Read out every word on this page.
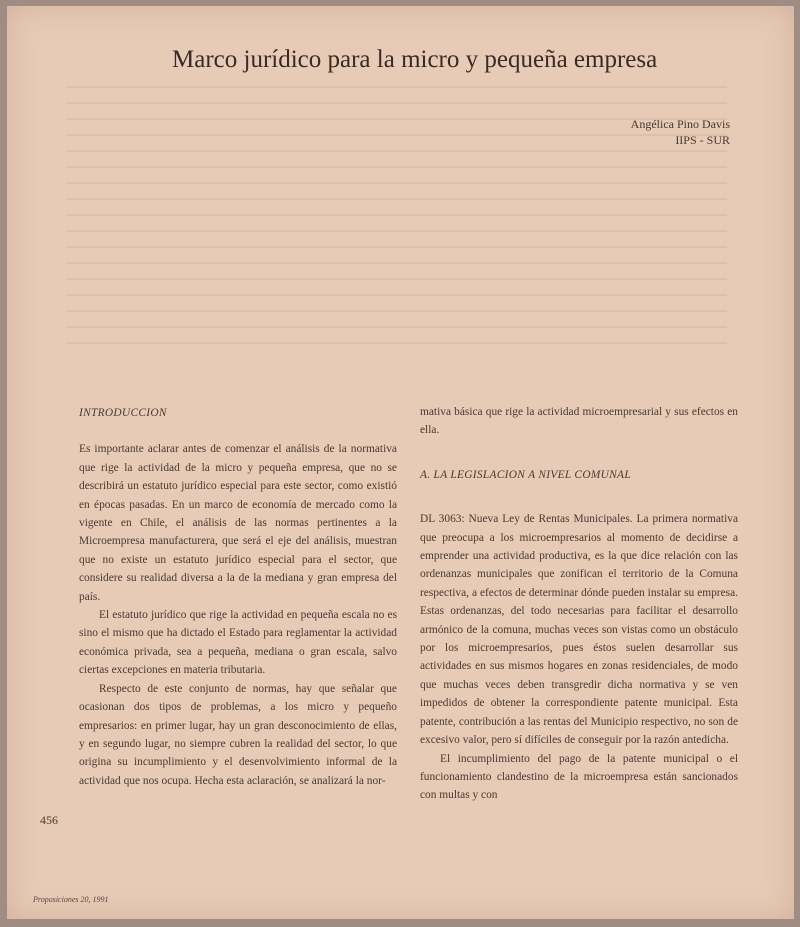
Marco jurídico para la micro y pequeña empresa
Angélica Pino Davis
IIPS - SUR

INTRODUCCION

Es importante aclarar antes de comenzar el análisis de la normativa que rige la actividad de la micro y pequeña empresa, que no se describirá un estatuto jurídico especial para este sector, como existió en épocas pasadas. En un marco de economía de mercado como la vigente en Chile, el análisis de las normas pertinentes a la Microempresa manufacturera, que será el eje del análisis, muestran que no existe un estatuto jurídico especial para el sector, que considere su realidad diversa a la de la mediana y gran empresa del país.

El estatuto jurídico que rige la actividad en pequeña escala no es sino el mismo que ha dictado el Estado para reglamentar la actividad económica privada, sea a pequeña, mediana o gran escala, salvo ciertas excepciones en materia tributaria.

Respecto de este conjunto de normas, hay que señalar que ocasionan dos tipos de problemas, a los micro y pequeño empresarios: en primer lugar, hay un gran desconocimiento de ellas, y en segundo lugar, no siempre cubren la realidad del sector, lo que origina su incumplimiento y el desenvolvimiento informal de la actividad que nos ocupa. Hecha esta aclaración, se analizará la nor-

mativa básica que rige la actividad microempresarial y sus efectos en ella.

A. LA LEGISLACION A NIVEL COMUNAL

DL 3063: Nueva Ley de Rentas Municipales. La primera normativa que preocupa a los microempresarios al momento de decidirse a emprender una actividad productiva, es la que dice relación con las ordenanzas municipales que zonifican el territorio de la Comuna respectiva, a efectos de determinar dónde pueden instalar su empresa. Estas ordenanzas, del todo necesarias para facilitar el desarrollo armónico de la comuna, muchas veces son vistas como un obstáculo por los microempresarios, pues éstos suelen desarrollar sus actividades en sus mismos hogares en zonas residenciales, de modo que muchas veces deben transgredir dicha normativa y se ven impedidos de obtener la correspondiente patente municipal. Esta patente, contribución a las rentas del Municipio respectivo, no son de excesivo valor, pero sí difíciles de conseguir por la razón antedicha.

El incumplimiento del pago de la patente municipal o el funcionamiento clandestino de la microempresa están sancionados con multas y con

456
Proposiciones 20, 1991
